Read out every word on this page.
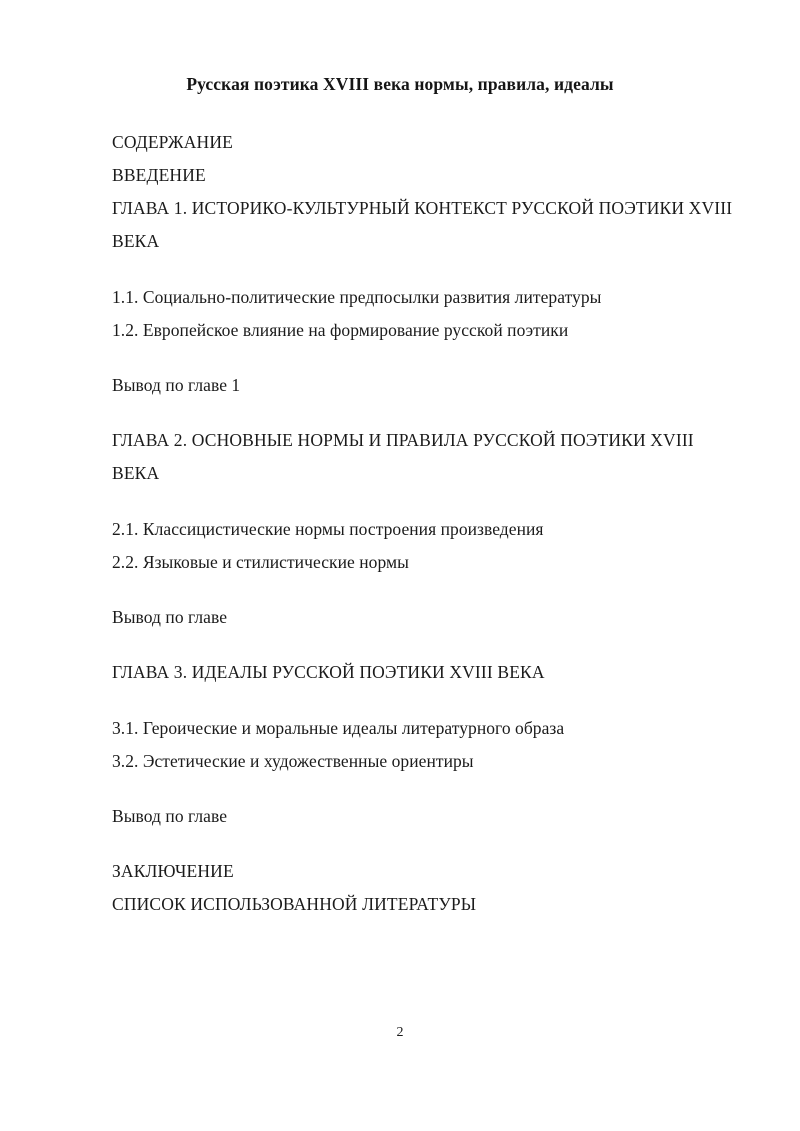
Русская поэтика XVIII века нормы, правила, идеалы
СОДЕРЖАНИЕ
ВВЕДЕНИЕ
ГЛАВА 1. ИСТОРИКО-КУЛЬТУРНЫЙ КОНТЕКСТ РУССКОЙ ПОЭТИКИ XVIII ВЕКА
1.1. Социально-политические предпосылки развития литературы
1.2. Европейское влияние на формирование русской поэтики
Вывод по главе 1
ГЛАВА 2. ОСНОВНЫЕ НОРМЫ И ПРАВИЛА РУССКОЙ ПОЭТИКИ XVIII ВЕКА
2.1. Классицистические нормы построения произведения
2.2. Языковые и стилистические нормы
Вывод по главе
ГЛАВА 3. ИДЕАЛЫ РУССКОЙ ПОЭТИКИ XVIII ВЕКА
3.1. Героические и моральные идеалы литературного образа
3.2. Эстетические и художественные ориентиры
Вывод по главе
ЗАКЛЮЧЕНИЕ
СПИСОК ИСПОЛЬЗОВАННОЙ ЛИТЕРАТУРЫ
2
